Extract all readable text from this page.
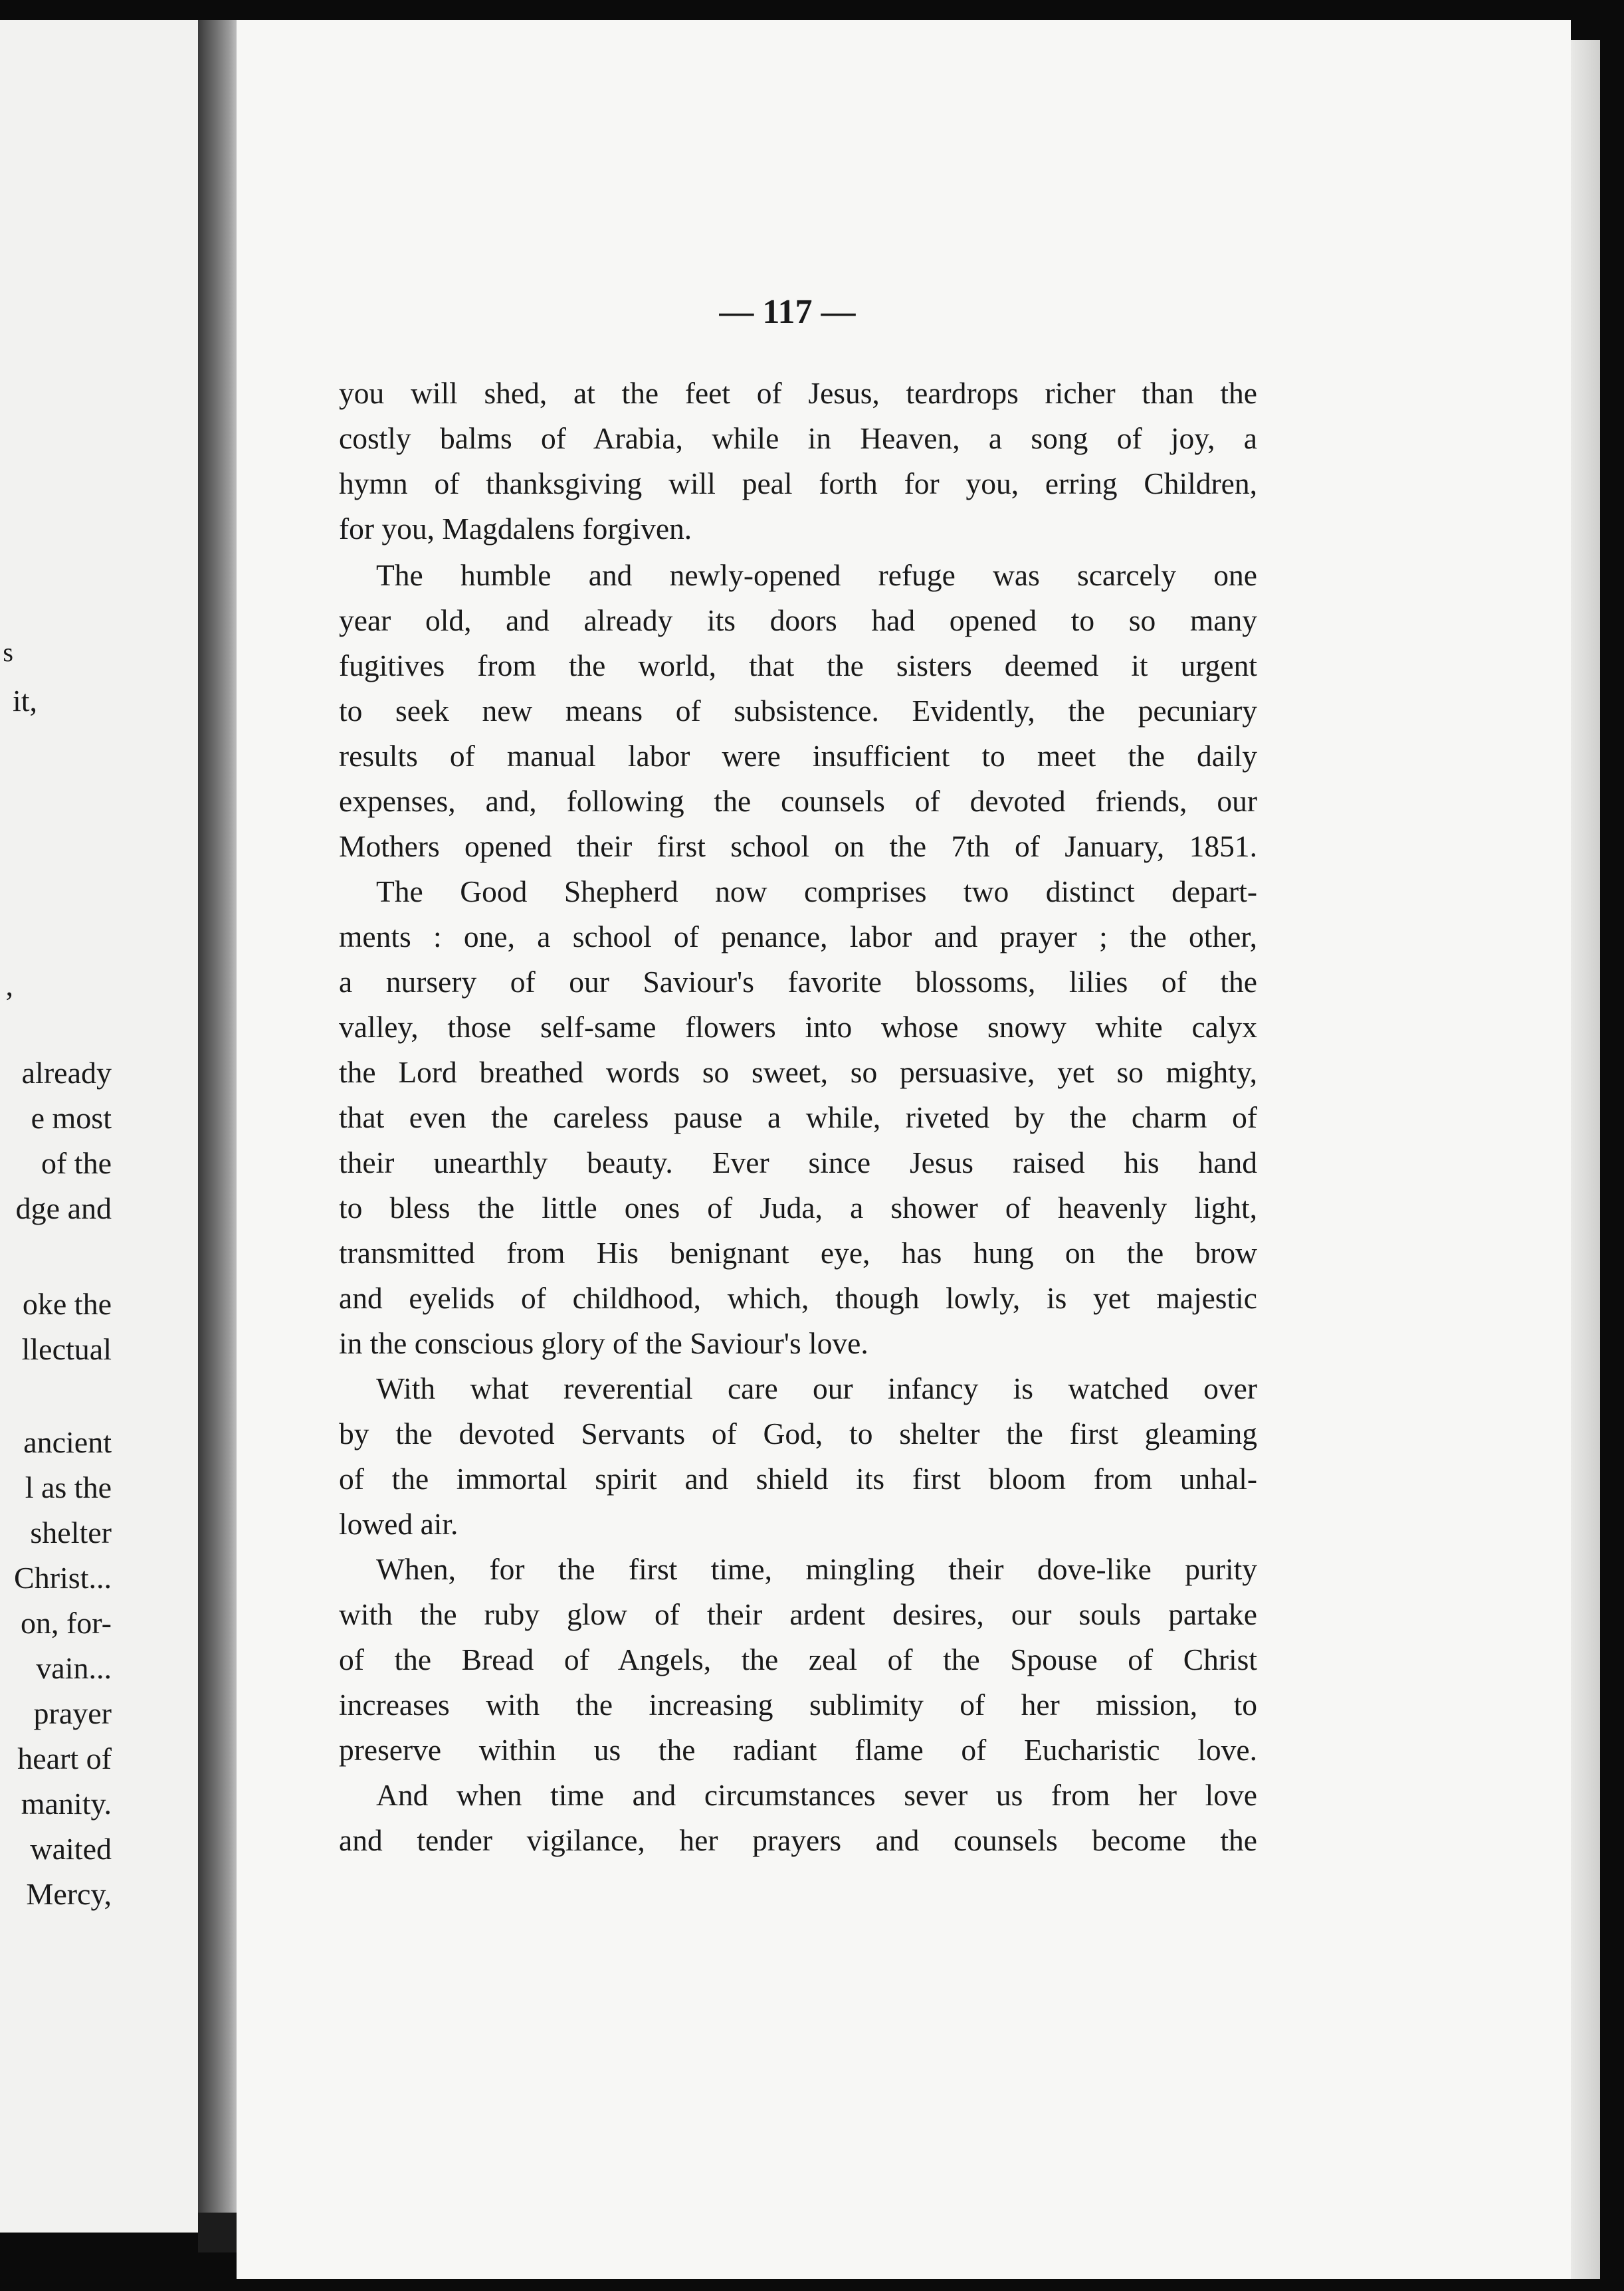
s
it,
,
already
e most
of the
dge and
oke the
llectual
ancient
l as the
shelter
Christ...
on, for-
vain...
prayer
heart of
manity.
waited
Mercy,
— 117 —
you will shed, at the feet of Jesus, teardrops richer than the
costly balms of Arabia, while in Heaven, a song of joy, a
hymn of thanksgiving will peal forth for you, erring Children,
for you, Magdalens forgiven.
The humble and newly-opened refuge was scarcely one
year old, and already its doors had opened to so many
fugitives from the world, that the sisters deemed it urgent
to seek new means of subsistence. Evidently, the pecuniary
results of manual labor were insufficient to meet the daily
expenses, and, following the counsels of devoted friends, our
Mothers opened their first school on the 7th of January, 1851.
The Good Shepherd now comprises two distinct depart-
ments : one, a school of penance, labor and prayer ; the other,
a nursery of our Saviour's favorite blossoms, lilies of the
valley, those self-same flowers into whose snowy white calyx
the Lord breathed words so sweet, so persuasive, yet so mighty,
that even the careless pause a while, riveted by the charm of
their unearthly beauty. Ever since Jesus raised his hand
to bless the little ones of Juda, a shower of heavenly light,
transmitted from His benignant eye, has hung on the brow
and eyelids of childhood, which, though lowly, is yet majestic
in the conscious glory of the Saviour's love.
With what reverential care our infancy is watched over
by the devoted Servants of God, to shelter the first gleaming
of the immortal spirit and shield its first bloom from unhal-
lowed air.
When, for the first time, mingling their dove-like purity
with the ruby glow of their ardent desires, our souls partake
of the Bread of Angels, the zeal of the Spouse of Christ
increases with the increasing sublimity of her mission, to
preserve within us the radiant flame of Eucharistic love.
And when time and circumstances sever us from her love
and tender vigilance, her prayers and counsels become the
